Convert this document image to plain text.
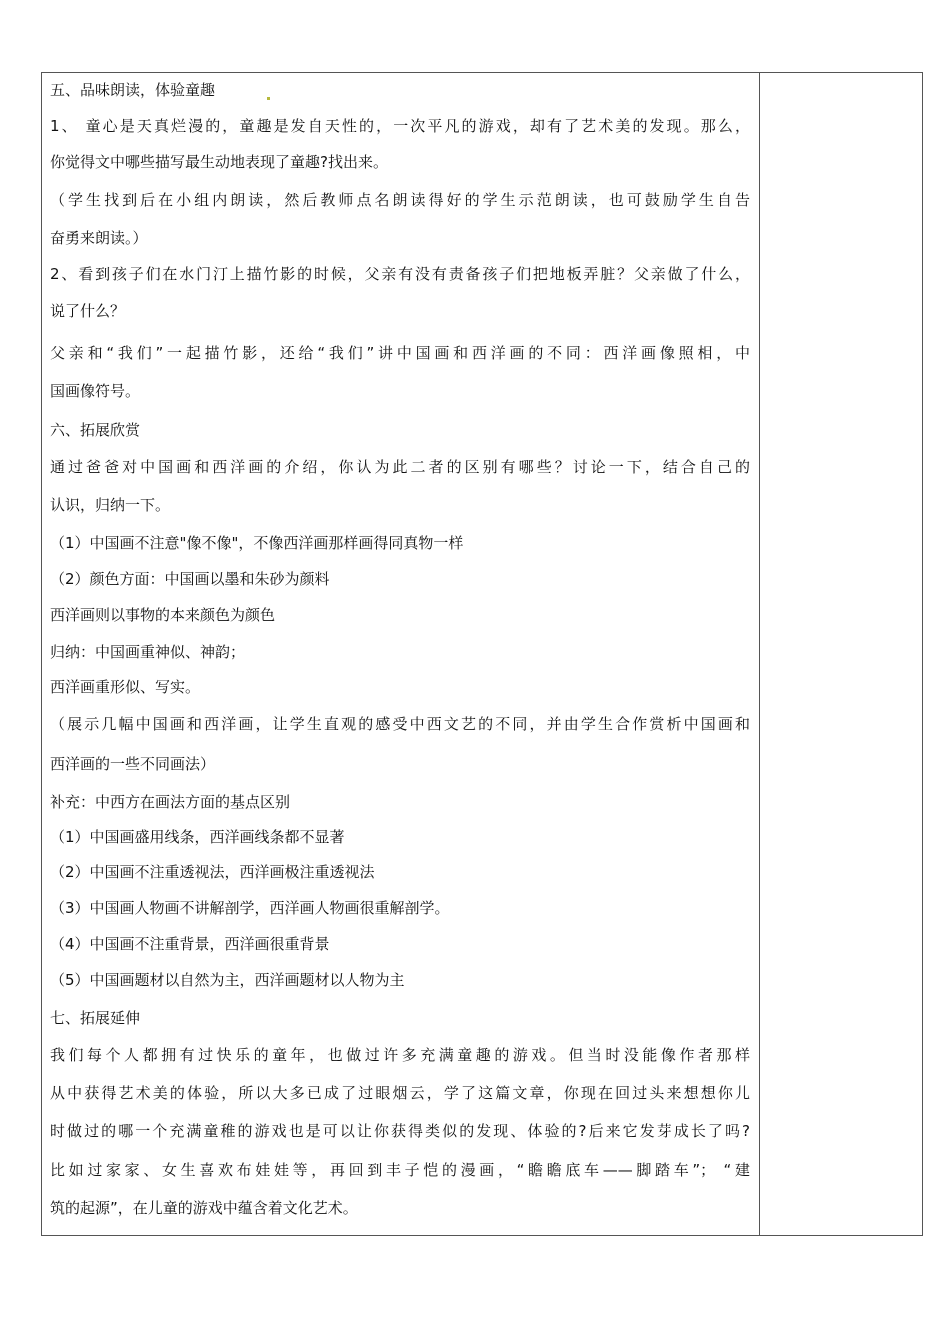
五、品味朗读，体验童趣
1、 童心是天真烂漫的，童趣是发自天性的，一次平凡的游戏，却有了艺术美的发现。那么，
你觉得文中哪些描写最生动地表现了童趣?找出来。
（学生找到后在小组内朗读，然后教师点名朗读得好的学生示范朗读，也可鼓励学生自告
奋勇来朗读。）
2、看到孩子们在水门汀上描竹影的时候，父亲有没有责备孩子们把地板弄脏？父亲做了什么，
说了什么？
父亲和“我们”一起描竹影，还给“我们”讲中国画和西洋画的不同：西洋画像照相，中
国画像符号。
六、拓展欣赏
通过爸爸对中国画和西洋画的介绍，你认为此二者的区别有哪些？讨论一下，结合自己的
认识，归纳一下。
（1）中国画不注意"像不像"，不像西洋画那样画得同真物一样
（2）颜色方面：中国画以墨和朱砂为颜料
西洋画则以事物的本来颜色为颜色
归纳：中国画重神似、神韵；
西洋画重形似、写实。
（展示几幅中国画和西洋画，让学生直观的感受中西文艺的不同，并由学生合作赏析中国画和
西洋画的一些不同画法）
补充：中西方在画法方面的基点区别
（1）中国画盛用线条，西洋画线条都不显著
（2）中国画不注重透视法，西洋画极注重透视法
（3）中国画人物画不讲解剖学，西洋画人物画很重解剖学。
（4）中国画不注重背景，西洋画很重背景
（5）中国画题材以自然为主，西洋画题材以人物为主
七、拓展延伸
我们每个人都拥有过快乐的童年，也做过许多充满童趣的游戏。但当时没能像作者那样
从中获得艺术美的体验，所以大多已成了过眼烟云，学了这篇文章，你现在回过头来想想你儿
时做过的哪一个充满童稚的游戏也是可以让你获得类似的发现、体验的?后来它发芽成长了吗?
比如过家家、女生喜欢布娃娃等，再回到丰子恺的漫画，“瞻瞻底车——脚踏车”； “建
筑的起源”，在儿童的游戏中蕴含着文化艺术。
